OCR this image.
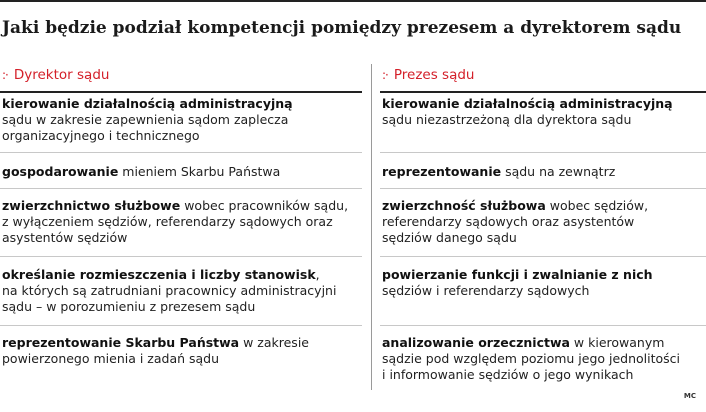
Jaki będzie podział kompetencji pomiędzy prezesem a dyrektorem sądu
:· Dyrektor sądu	:· Prezes sądu
kierowanie działalnością administracyjną
sądu w zakresie zapewnienia sądom zaplecza
organizacyjnego i technicznego
gospodarowanie mieniem Skarbu Państwa
zwierzchnictwo służbowe wobec pracowników sądu,
z wyłączeniem sędziów, referendarzy sądowych oraz
asystentów sędziów
określanie rozmieszczenia i liczby stanowisk,
na których są zatrudniani pracownicy administracyjni
sądu – w porozumieniu z prezesem sądu
reprezentowanie Skarbu Państwa w zakresie
powierzonego mienia i zadań sądu
kierowanie działalnością administracyjną
sądu niezastrzeżoną dla dyrektora sądu
reprezentowanie sądu na zewnątrz
zwierzchność służbowa wobec sędziów,
referendarzy sądowych oraz asystentów
sędziów danego sądu
powierzanie funkcji i zwalnianie z nich
sędziów i referendarzy sądowych
analizowanie orzecznictwa w kierowanym
sądzie pod względem poziomu jego jednolitości
i informowanie sędziów o jego wynikach
MC
